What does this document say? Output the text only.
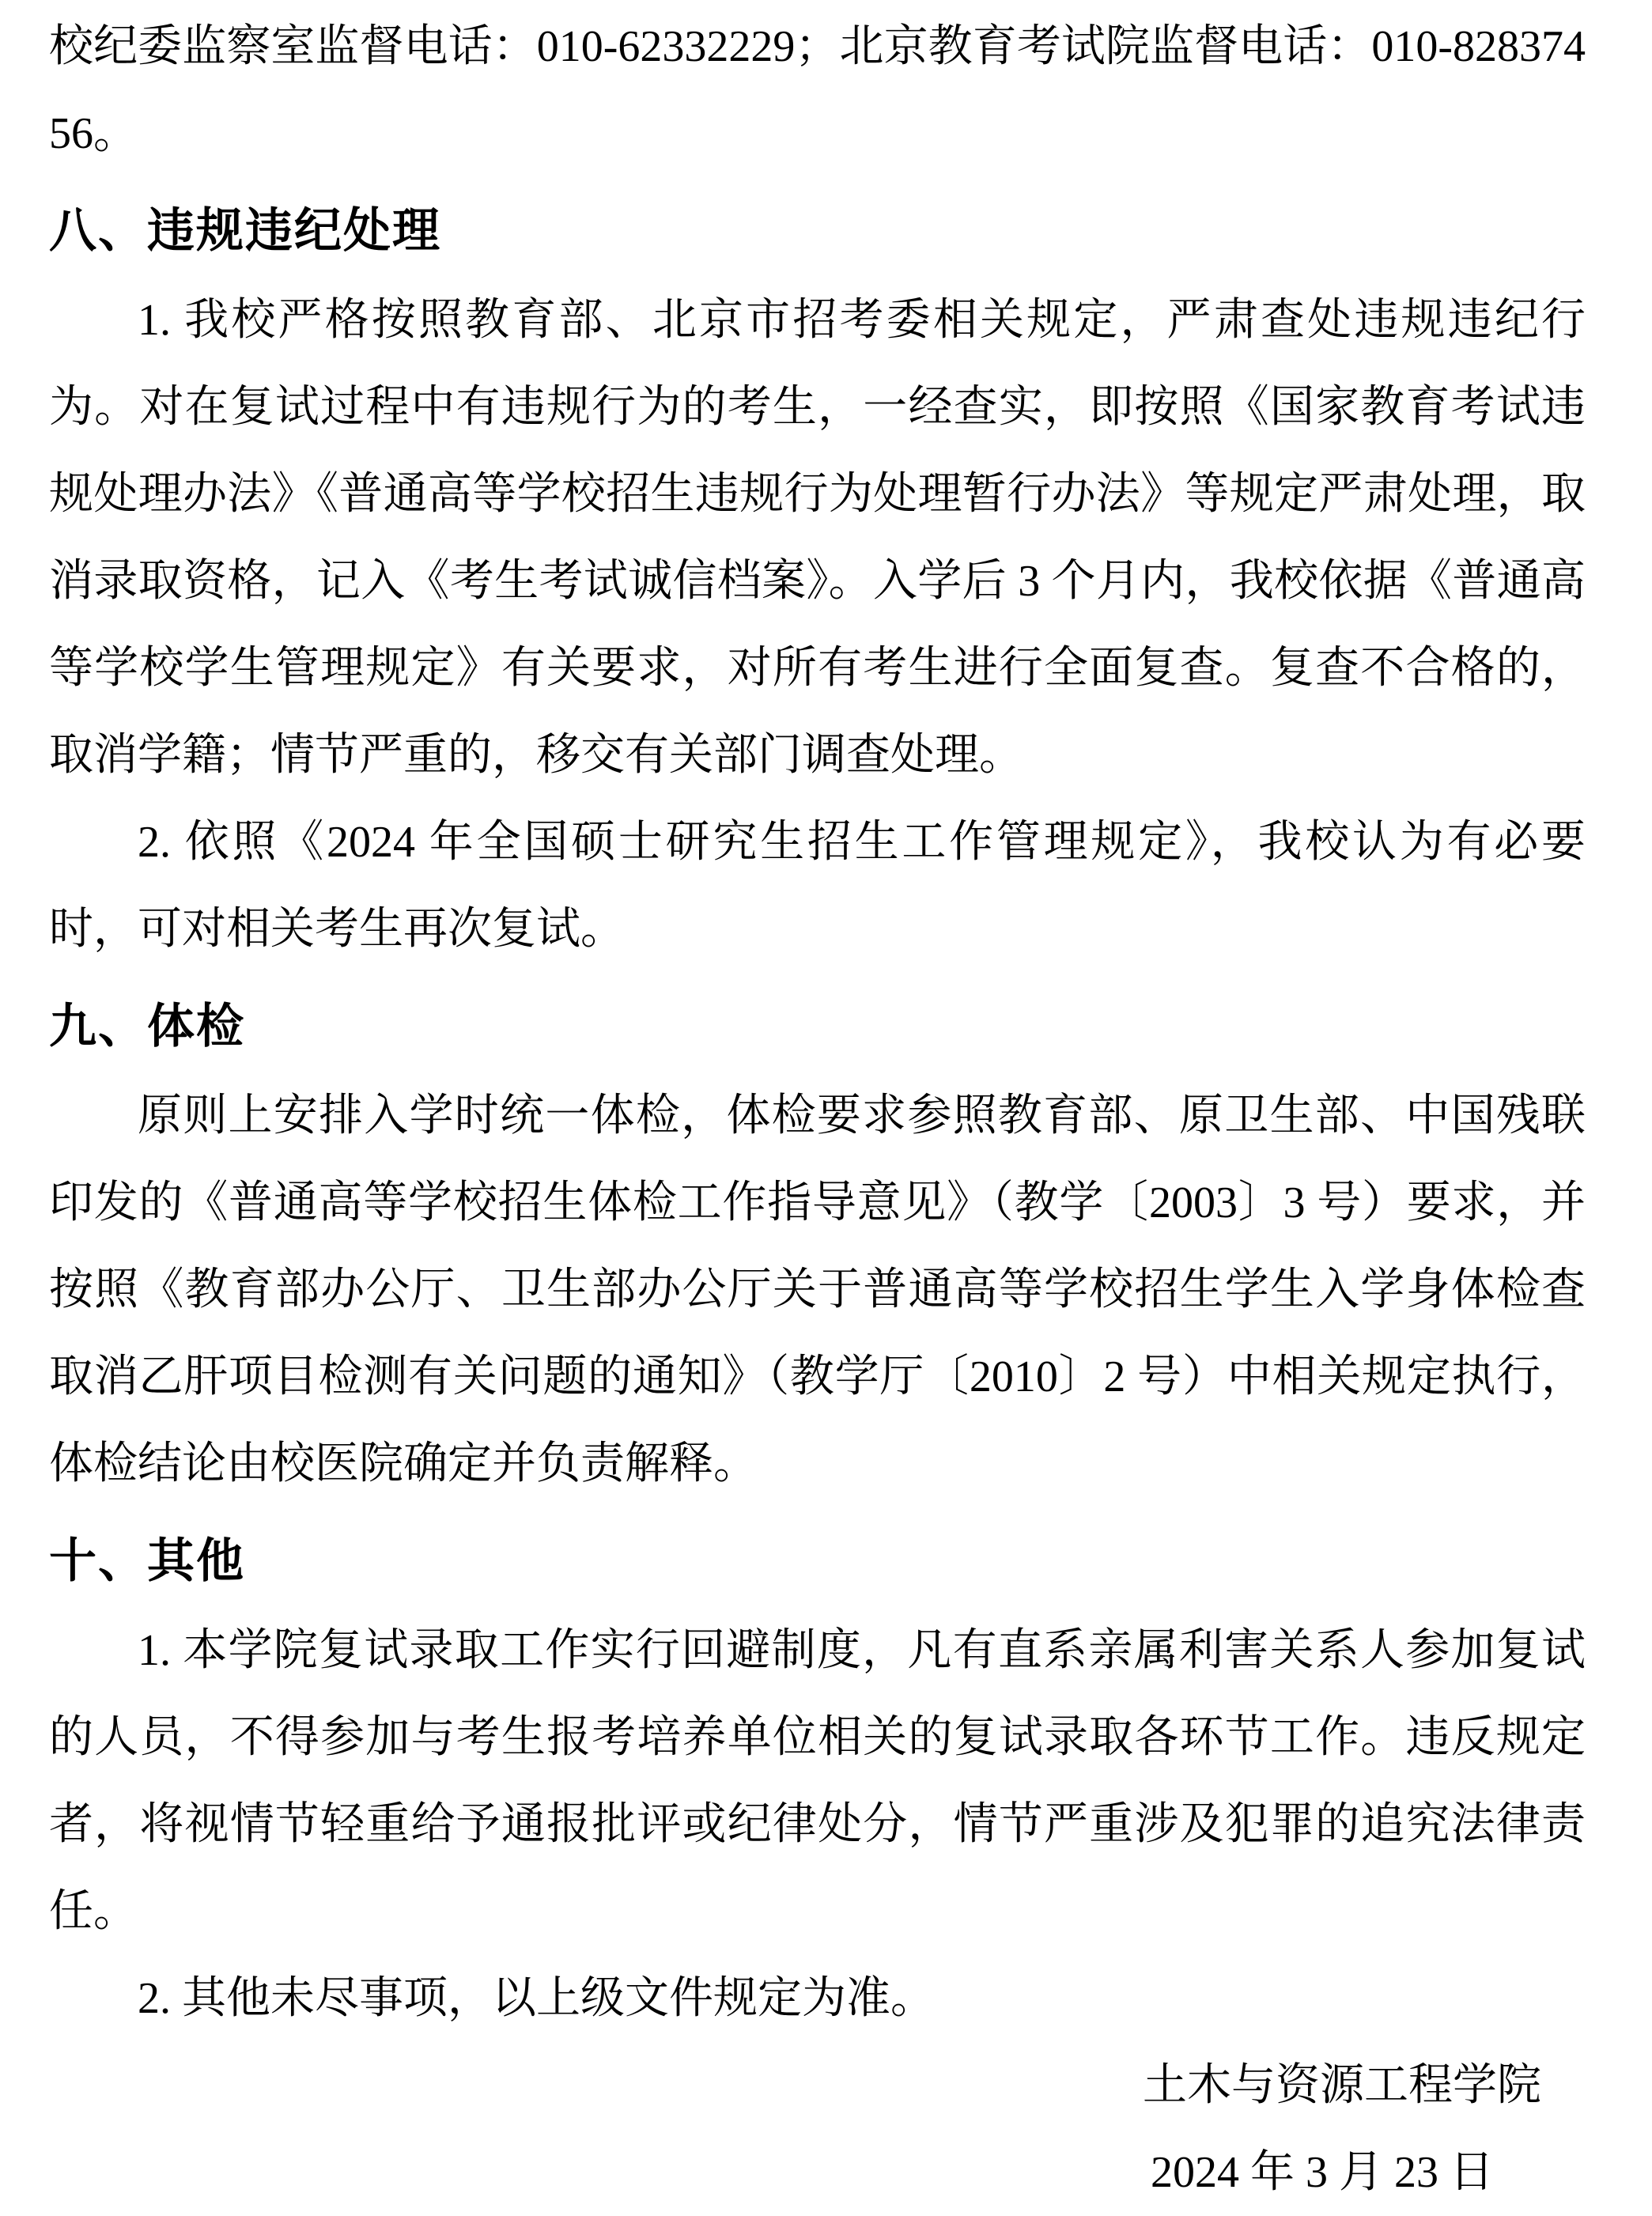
校纪委监察室监督电话：010-62332229；北京教育考试院监督电话：010-82837456。

八、违规违纪处理

1. 我校严格按照教育部、北京市招考委相关规定，严肃查处违规违纪行为。对在复试过程中有违规行为的考生，一经查实，即按照《国家教育考试违规处理办法》《普通高等学校招生违规行为处理暂行办法》等规定严肃处理，取消录取资格，记入《考生考试诚信档案》。入学后 3 个月内，我校依据《普通高等学校学生管理规定》有关要求，对所有考生进行全面复查。复查不合格的，取消学籍；情节严重的，移交有关部门调查处理。

2. 依照《2024 年全国硕士研究生招生工作管理规定》，我校认为有必要时，可对相关考生再次复试。

九、体检

原则上安排入学时统一体检，体检要求参照教育部、原卫生部、中国残联印发的《普通高等学校招生体检工作指导意见》（教学〔2003〕3 号）要求，并按照《教育部办公厅、卫生部办公厅关于普通高等学校招生学生入学身体检查取消乙肝项目检测有关问题的通知》（教学厅〔2010〕2 号）中相关规定执行，体检结论由校医院确定并负责解释。

十、其他

1. 本学院复试录取工作实行回避制度，凡有直系亲属利害关系人参加复试的人员，不得参加与考生报考培养单位相关的复试录取各环节工作。违反规定者，将视情节轻重给予通报批评或纪律处分，情节严重涉及犯罪的追究法律责任。

2. 其他未尽事项，以上级文件规定为准。

土木与资源工程学院

2024 年 3 月 23 日
